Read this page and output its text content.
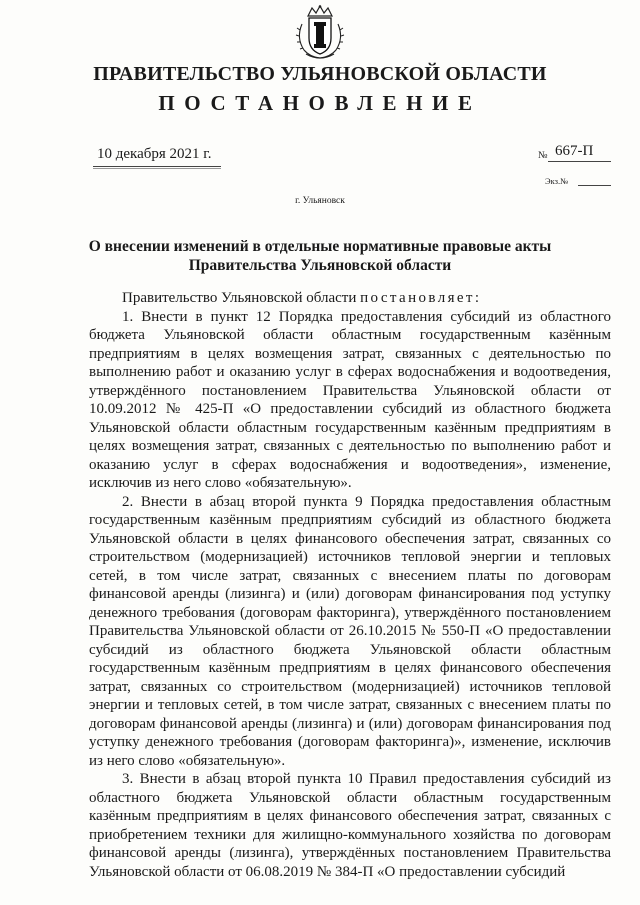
ПРАВИТЕЛЬСТВО УЛЬЯНОВСКОЙ ОБЛАСТИ
ПОСТАНОВЛЕНИЕ
10 декабря 2021 г.	№ 667-П
Экз.№
г. Ульяновск
О внесении изменений в отдельные нормативные правовые акты
Правительства Ульяновской области

Правительство Ульяновской области постановляет:

1. Внести в пункт 12 Порядка предоставления субсидий из областного бюджета Ульяновской области областным государственным казённым предприятиям в целях возмещения затрат, связанных с деятельностью по выполнению работ и оказанию услуг в сферах водоснабжения и водоотведения, утверждённого постановлением Правительства Ульяновской области от 10.09.2012 № 425-П «О предоставлении субсидий из областного бюджета Ульяновской области областным государственным казённым предприятиям в целях возмещения затрат, связанных с деятельностью по выполнению работ и оказанию услуг в сферах водоснабжения и водоотведения», изменение, исключив из него слово «обязательную».

2. Внести в абзац второй пункта 9 Порядка предоставления областным государственным казённым предприятиям субсидий из областного бюджета Ульяновской области в целях финансового обеспечения затрат, связанных со строительством (модернизацией) источников тепловой энергии и тепловых сетей, в том числе затрат, связанных с внесением платы по договорам финансовой аренды (лизинга) и (или) договорам финансирования под уступку денежного требования (договорам факторинга), утверждённого постановлением Правительства Ульяновской области от 26.10.2015 № 550-П «О предоставлении субсидий из областного бюджета Ульяновской области областным государственным казённым предприятиям в целях финансового обеспечения затрат, связанных со строительством (модернизацией) источников тепловой энергии и тепловых сетей, в том числе затрат, связанных с внесением платы по договорам финансовой аренды (лизинга) и (или) договорам финансирования под уступку денежного требования (договорам факторинга)», изменение, исключив из него слово «обязательную».

3. Внести в абзац второй пункта 10 Правил предоставления субсидий из областного бюджета Ульяновской области областным государственным казённым предприятиям в целях финансового обеспечения затрат, связанных с приобретением техники для жилищно-коммунального хозяйства по договорам финансовой аренды (лизинга), утверждённых постановлением Правительства Ульяновской области от 06.08.2019 № 384-П «О предоставлении субсидий
